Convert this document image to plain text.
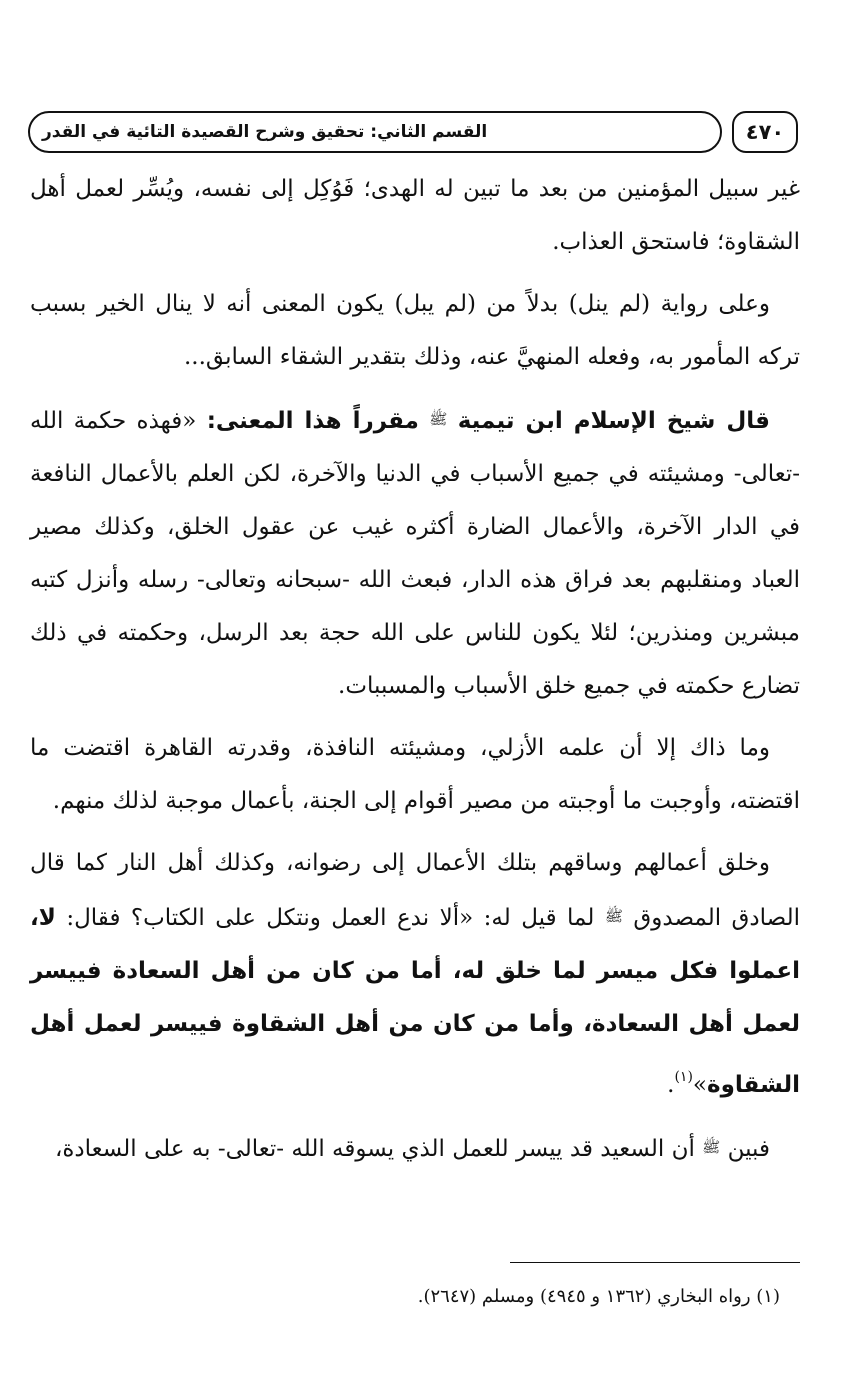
القسم الثاني: تحقيق وشرح القصيدة التائية في القدر	٤٧٠

غير سبيل المؤمنين من بعد ما تبين له الهدى؛ فَوُكِل إلى نفسه، ويُسِّر لعمل أهل الشقاوة؛ فاستحق العذاب.

وعلى رواية (لم ينل) بدلاً من (لم يبل) يكون المعنى أنه لا ينال الخير بسبب تركه المأمور به، وفعله المنهيَّ عنه، وذلك بتقدير الشقاء السابق...

قال شيخ الإسلام ابن تيمية ﷺ مقرراً هذا المعنى: «فهذه حكمة الله -تعالى- ومشيئته في جميع الأسباب في الدنيا والآخرة، لكن العلم بالأعمال النافعة في الدار الآخرة، والأعمال الضارة أكثره غيب عن عقول الخلق، وكذلك مصير العباد ومنقلبهم بعد فراق هذه الدار، فبعث الله -سبحانه وتعالى- رسله وأنزل كتبه مبشرين ومنذرين؛ لئلا يكون للناس على الله حجة بعد الرسل، وحكمته في ذلك تضارع حكمته في جميع خلق الأسباب والمسببات.

وما ذاك إلا أن علمه الأزلي، ومشيئته النافذة، وقدرته القاهرة اقتضت ما اقتضته، وأوجبت ما أوجبته من مصير أقوام إلى الجنة، بأعمال موجبة لذلك منهم.

وخلق أعمالهم وساقهم بتلك الأعمال إلى رضوانه، وكذلك أهل النار كما قال الصادق المصدوق ﷺ لما قيل له: «ألا ندع العمل ونتكل على الكتاب؟ فقال: لا، اعملوا فكل ميسر لما خلق له، أما من كان من أهل السعادة فييسر لعمل أهل السعادة، وأما من كان من أهل الشقاوة فييسر لعمل أهل الشقاوة»$^{(١)}$.

فبين ﷺ أن السعيد قد ييسر للعمل الذي يسوقه الله -تعالى- به على السعادة،

(١) رواه البخاري (١٣٦٢ و ٤٩٤٥) ومسلم (٢٦٤٧).
